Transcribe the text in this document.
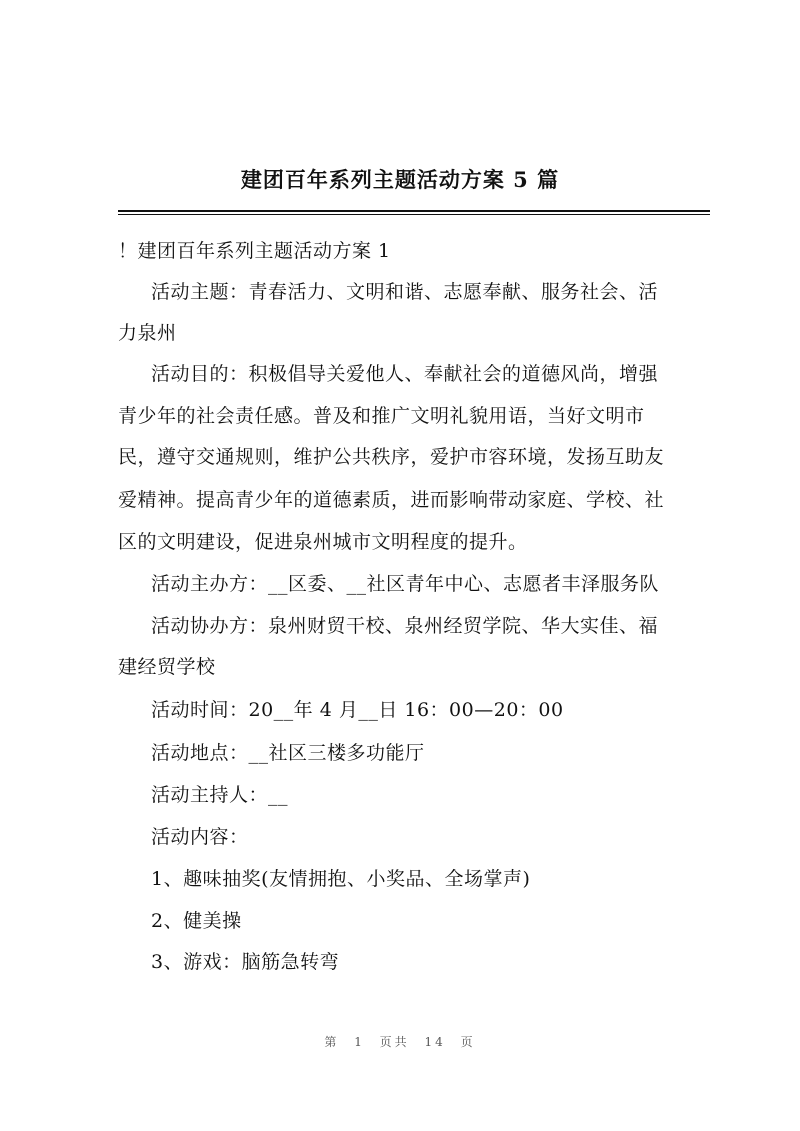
建团百年系列主题活动方案 5 篇
！建团百年系列主题活动方案 1
活动主题：青春活力、文明和谐、志愿奉献、服务社会、活
力泉州
活动目的：积极倡导关爱他人、奉献社会的道德风尚，增强
青少年的社会责任感。普及和推广文明礼貌用语，当好文明市
民，遵守交通规则，维护公共秩序，爱护市容环境，发扬互助友
爱精神。提高青少年的道德素质，进而影响带动家庭、学校、社
区的文明建设，促进泉州城市文明程度的提升。
活动主办方：__区委、__社区青年中心、志愿者丰泽服务队
活动协办方：泉州财贸干校、泉州经贸学院、华大实佳、福
建经贸学校
活动时间：20__年 4 月__日 16：00—20：00
活动地点：__社区三楼多功能厅
活动主持人：__
活动内容：
1、趣味抽奖(友情拥抱、小奖品、全场掌声)
2、健美操
3、游戏：脑筋急转弯
第 1 页共 14 页
